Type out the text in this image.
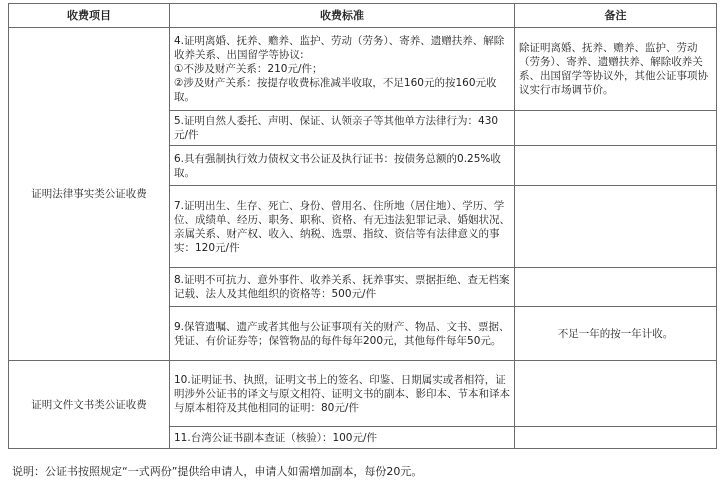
收费项目	收费标准	备注
证明法律事实类公证收费	4.证明离婚、抚养、赡养、监护、劳动（劳务）、寄养、遗赠扶养、解除收养关系、出国留学等协议:
①不涉及财产关系：210元/件；
②涉及财产关系：按提存收费标准减半收取，不足160元的按160元收取。	除证明离婚、抚养、赡养、监护、劳动（劳务）、寄养、遗赠扶养、解除收养关系、出国留学等协议外，其他公证事项协议实行市场调节价。

	5.证明自然人委托、声明、保证、认领亲子等其他单方法律行为：430元/件	

	6.具有强制执行效力债权文书公证及执行证书：按债务总额的0.25%收取。	

	7.证明出生、生存、死亡、身份、曾用名、住所地（居住地）、学历、学位、成绩单、经历、职务、职称、资格、有无违法犯罪记录、婚姻状况、亲属关系、财产权、收入、纳税、选票、指纹、资信等有法律意义的事实：120元/件	

	8.证明不可抗力、意外事件、收养关系、抚养事实、票据拒绝、查无档案记载、法人及其他组织的资格等：500元/件	

	9.保管遗嘱、遗产或者其他与公证事项有关的财产、物品、文书、票据、凭证、有价证券等；保管物品的每件每年200元，其他每件每年50元。	不足一年的按一年计收。
证明文件文书类公证收费	10.证明证书、执照，证明文书上的签名、印鉴、日期属实或者相符，证明涉外公证书的译文与原文相符、证明文书的副本、影印本、节本和译本与原本相符及其他相同的证明：80元/件	

	11.台湾公证书副本查证（核验）：100元/件	

说明：公证书按照规定“一式两份”提供给申请人，申请人如需增加副本，每份20元。
